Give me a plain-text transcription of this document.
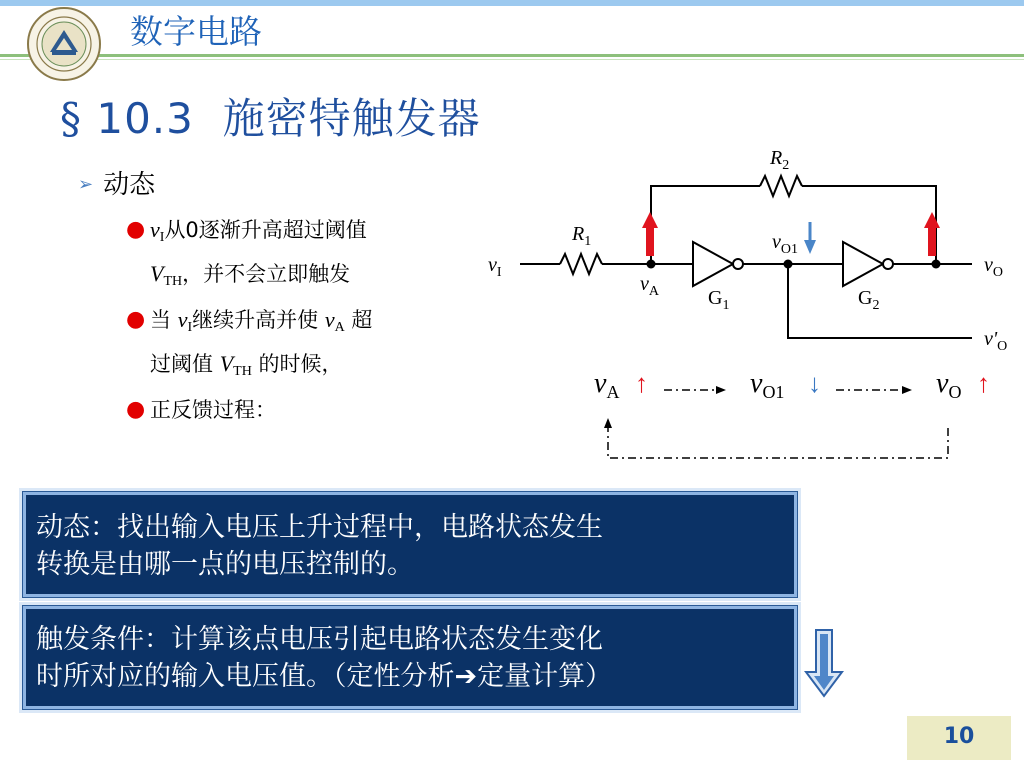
数字电路
§ 10.3 施密特触发器
➢ 动态
● vI从0逐渐升高超过阈值
VTH，并不会立即触发
● 当 vI继续升高并使 vA 超
过阈值 VTH 的时候，
● 正反馈过程：
$R_2$
$R_1$
$v_I$
$v_A$ $G_1$
$v_{O1}$
$G_2$
$v_O$
$v'_O$
$v_A$ ↑	$v_{O1}$ ↓	$v_O$ ↑
动态：找出输入电压上升过程中，电路状态发生
转换是由哪一点的电压控制的。
触发条件：计算该点电压引起电路状态发生变化
时所对应的输入电压值。（定性分析➔定量计算）
10
